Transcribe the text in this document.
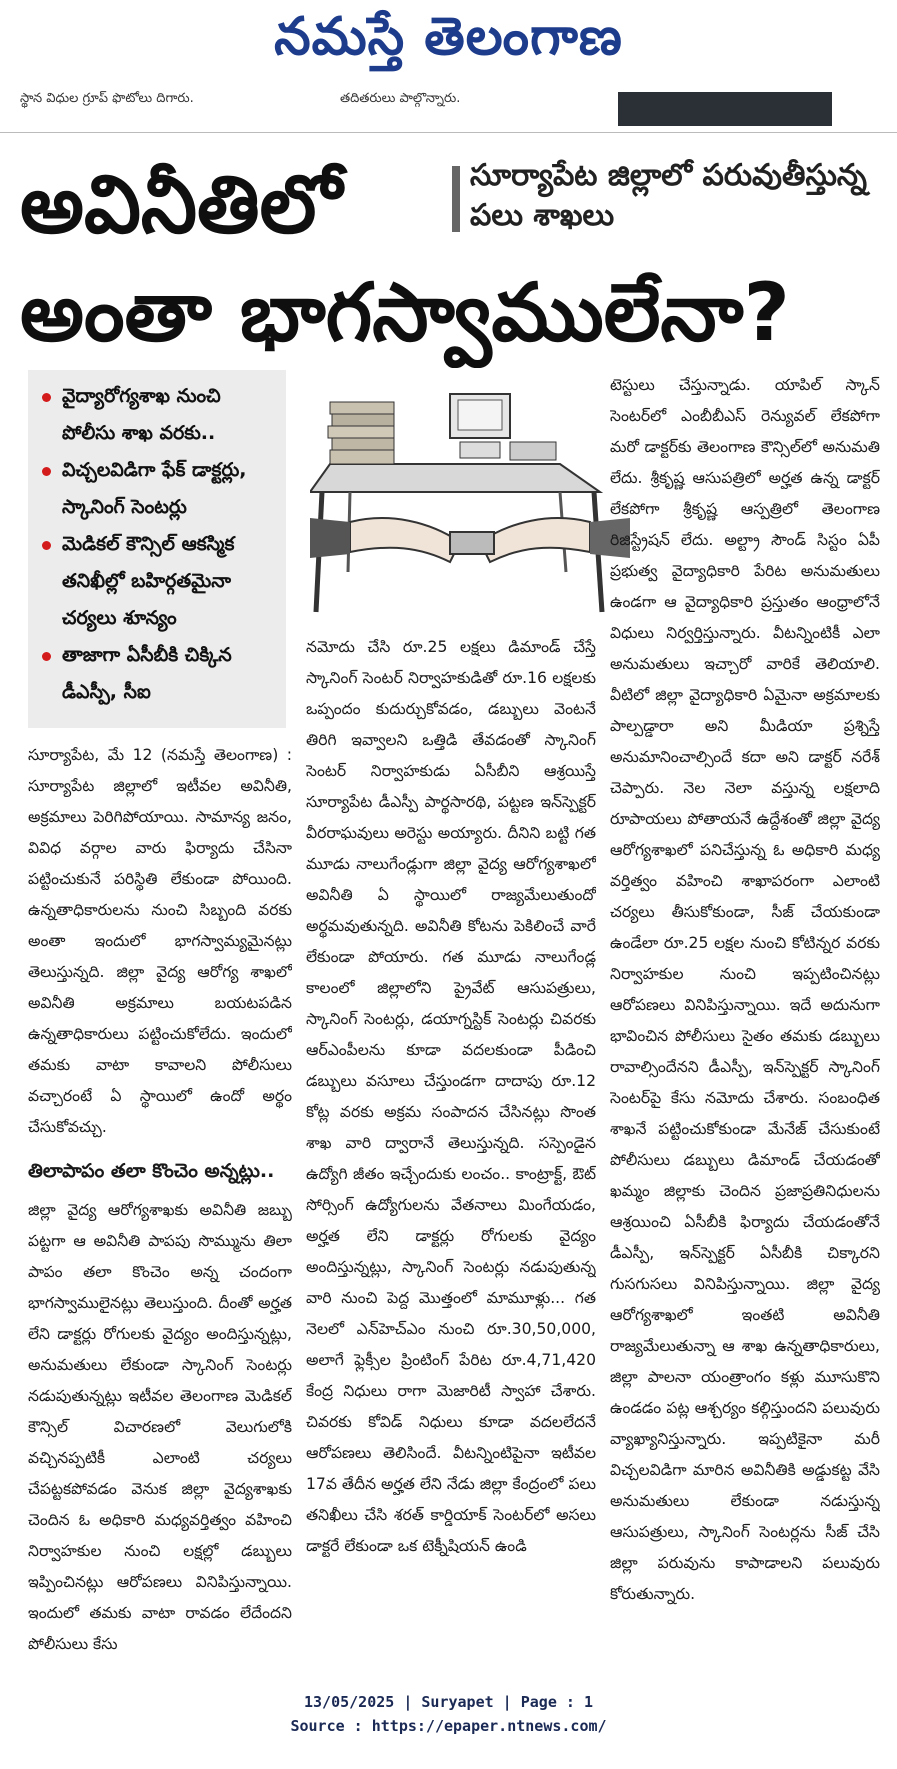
నమస్తే తెలంగాణ
స్థాన విధుల గ్రూప్ ఫొటోలు దిగారు.	తదితరులు పాల్గొన్నారు.
అవినీతిలో	సూర్యాపేట జిల్లాలో పరువుతీస్తున్న పలు శాఖలు
అంతా భాగస్వాములేనా?
వైద్యారోగ్యశాఖ నుంచి పోలీసు శాఖ వరకు..
విచ్చలవిడిగా ఫేక్ డాక్టర్లు, స్కానింగ్ సెంటర్లు
మెడికల్ కౌన్సిల్ ఆకస్మిక తనిఖీల్లో బహిర్గతమైనా చర్యలు శూన్యం
తాజాగా ఏసీబీకి చిక్కిన డీఎస్పీ, సీఐ

సూర్యాపేట, మే 12 (నమస్తే తెలంగాణ) : సూర్యాపేట జిల్లాలో ఇటీవల అవినీతి, అక్రమాలు పెరిగిపోయాయి. సామాన్య జనం, వివిధ వర్గాల వారు ఫిర్యాదు చేసినా పట్టించుకునే పరిస్థితి లేకుండా పోయింది. ఉన్నతాధికారులను నుంచి సిబ్బంది వరకు అంతా ఇందులో భాగస్వామ్యమైనట్లు తెలుస్తున్నది. జిల్లా వైద్య ఆరోగ్య శాఖలో అవినీతి అక్రమాలు బయటపడిన ఉన్నతాధికారులు పట్టించుకోలేదు. ఇందులో తమకు వాటా కావాలని పోలీసులు వచ్చారంటే ఏ స్థాయిలో ఉందో అర్థం చేసుకోవచ్చు.

తిలాపాపం తలా కొంచెం అన్నట్లు..

జిల్లా వైద్య ఆరోగ్యశాఖకు అవినీతి జబ్బు పట్టగా ఆ అవినీతి పాపపు సొమ్మును తిలా పాపం తలా కొంచెం అన్న చందంగా భాగస్వాములైనట్లు తెలుస్తుంది. దీంతో అర్హత లేని డాక్టర్లు రోగులకు వైద్యం అందిస్తున్నట్లు, అనుమతులు లేకుండా స్కానింగ్ సెంటర్లు నడుపుతున్నట్లు ఇటీవల తెలంగాణ మెడికల్ కౌన్సిల్ విచారణలో వెలుగులోకి వచ్చినప్పటికీ ఎలాంటి చర్యలు చేపట్టకపోవడం వెనుక జిల్లా వైద్యశాఖకు చెందిన ఓ అధికారి మధ్యవర్తిత్వం వహించి నిర్వాహకుల నుంచి లక్షల్లో డబ్బులు ఇప్పించినట్లు ఆరోపణలు వినిపిస్తున్నాయి. ఇందులో తమకు వాటా రావడం లేదేందని పోలీసులు కేసు

నమోదు చేసి రూ.25 లక్షలు డిమాండ్ చేస్తే స్కానింగ్ సెంటర్ నిర్వాహకుడితో రూ.16 లక్షలకు ఒప్పందం కుదుర్చుకోవడం, డబ్బులు వెంటనే తిరిగి ఇవ్వాలని ఒత్తిడి తేవడంతో స్కానింగ్ సెంటర్ నిర్వాహకుడు ఏసీబీని ఆశ్రయిస్తే సూర్యాపేట డీఎస్పీ పార్థసారథి, పట్టణ ఇన్‌స్పెక్టర్ వీరరాఘవులు అరెస్టు అయ్యారు. దీనిని బట్టి గత మూడు నాలుగేండ్లుగా జిల్లా వైద్య ఆరోగ్యశాఖలో అవినీతి ఏ స్థాయిలో రాజ్యమేలుతుందో అర్థమవుతున్నది. అవినీతి కోటను పెకిలించే వారే లేకుండా పోయారు. గత మూడు నాలుగేండ్ల కాలంలో జిల్లాలోని ప్రైవేట్ ఆసుపత్రులు, స్కానింగ్ సెంటర్లు, డయాగ్నస్టిక్ సెంటర్లు చివరకు ఆర్‌ఎంపీలను కూడా వదలకుండా పీడించి డబ్బులు వసూలు చేస్తుండగా దాదాపు రూ.12 కోట్ల వరకు అక్రమ సంపాదన చేసినట్లు సొంత శాఖ వారి ద్వారానే తెలుస్తున్నది. సస్పెండైన ఉద్యోగి జీతం ఇచ్చేందుకు లంచం.. కాంట్రాక్ట్, ఔట్ సోర్సింగ్ ఉద్యోగులను వేతనాలు మింగేయడం, అర్హత లేని డాక్టర్లు రోగులకు వైద్యం అందిస్తున్నట్లు, స్కానింగ్ సెంటర్లు నడుపుతున్న వారి నుంచి పెద్ద మొత్తంలో మామూళ్లు... గత నెలలో ఎన్‌హెచ్‌ఎం నుంచి రూ.30,50,000, అలాగే ఫ్లెక్సీల ప్రింటింగ్ పేరిట రూ.4,71,420 కేంద్ర నిధులు రాగా మెజారిటీ స్వాహా చేశారు. చివరకు కోవిడ్ నిధులు కూడా వదలలేదనే ఆరోపణలు తెలిసిందే. వీటన్నింటిపైనా ఇటీవల 17వ తేదీన అర్హత లేని నేడు జిల్లా కేంద్రంలో పలు తనిఖీలు చేసి శరత్ కార్డియాక్ సెంటర్‌లో అసలు డాక్టరే లేకుండా ఒక టెక్నీషియన్ ఉండి

టెస్టులు చేస్తున్నాడు. యాపిల్ స్కాన్ సెంటర్‌లో ఎంబీబీఎస్ రెన్యువల్ లేకపోగా మరో డాక్టర్‌కు తెలంగాణ కౌన్సిల్‌లో అనుమతి లేదు. శ్రీకృష్ణ ఆసుపత్రిలో అర్హత ఉన్న డాక్టర్ లేకపోగా శ్రీకృష్ణ ఆస్పత్రిలో తెలంగాణ రిజిస్ట్రేషన్ లేదు. అల్ట్రా సౌండ్ సిస్టం ఏపీ ప్రభుత్వ వైద్యాధికారి పేరిట అనుమతులు ఉండగా ఆ వైద్యాధికారి ప్రస్తుతం ఆంధ్రాలోనే విధులు నిర్వర్తిస్తున్నారు. వీటన్నింటికీ ఎలా అనుమతులు ఇచ్చారో వారికే తెలియాలి. వీటిలో జిల్లా వైద్యాధికారి ఏమైనా అక్రమాలకు పాల్పడ్డారా అని మీడియా ప్రశ్నిస్తే అనుమానించాల్సిందే కదా అని డాక్టర్ నరేశ్ చెప్పారు. నెల నెలా వస్తున్న లక్షలాది రూపాయలు పోతాయనే ఉద్దేశంతో జిల్లా వైద్య ఆరోగ్యశాఖలో పనిచేస్తున్న ఓ అధికారి మధ్య వర్తిత్వం వహించి శాఖాపరంగా ఎలాంటి చర్యలు తీసుకోకుండా, సీజ్ చేయకుండా ఉండేలా రూ.25 లక్షల నుంచి కోటిన్నర వరకు నిర్వాహకుల నుంచి ఇప్పటించినట్లు ఆరోపణలు వినిపిస్తున్నాయి. ఇదే అదునుగా భావించిన పోలీసులు సైతం తమకు డబ్బులు రావాల్సిందేనని డీఎస్పీ, ఇన్‌స్పెక్టర్ స్కానింగ్ సెంటర్‌పై కేసు నమోదు చేశారు. సంబంధిత శాఖనే పట్టించుకోకుండా మేనేజ్ చేసుకుంటే పోలీసులు డబ్బులు డిమాండ్ చేయడంతో ఖమ్మం జిల్లాకు చెందిన ప్రజాప్రతినిధులను ఆశ్రయించి ఏసీబీకి ఫిర్యాదు చేయడంతోనే డీఎస్పీ, ఇన్‌స్పెక్టర్ ఏసీబీకి చిక్కారని గుసగుసలు వినిపిస్తున్నాయి. జిల్లా వైద్య ఆరోగ్యశాఖలో ఇంతటి అవినీతి రాజ్యమేలుతున్నా ఆ శాఖ ఉన్నతాధికారులు, జిల్లా పాలనా యంత్రాంగం కళ్లు మూసుకొని ఉండడం పట్ల ఆశ్చర్యం కల్గిస్తుందని పలువురు వ్యాఖ్యానిస్తున్నారు. ఇప్పటికైనా మరీ విచ్చలవిడిగా మారిన అవినీతికి అడ్డుకట్ట వేసి అనుమతులు లేకుండా నడుస్తున్న ఆసుపత్రులు, స్కానింగ్ సెంటర్లను సీజ్ చేసి జిల్లా పరువును కాపాడాలని పలువురు కోరుతున్నారు.

13/05/2025 | Suryapet | Page : 1
Source : https://epaper.ntnews.com/
